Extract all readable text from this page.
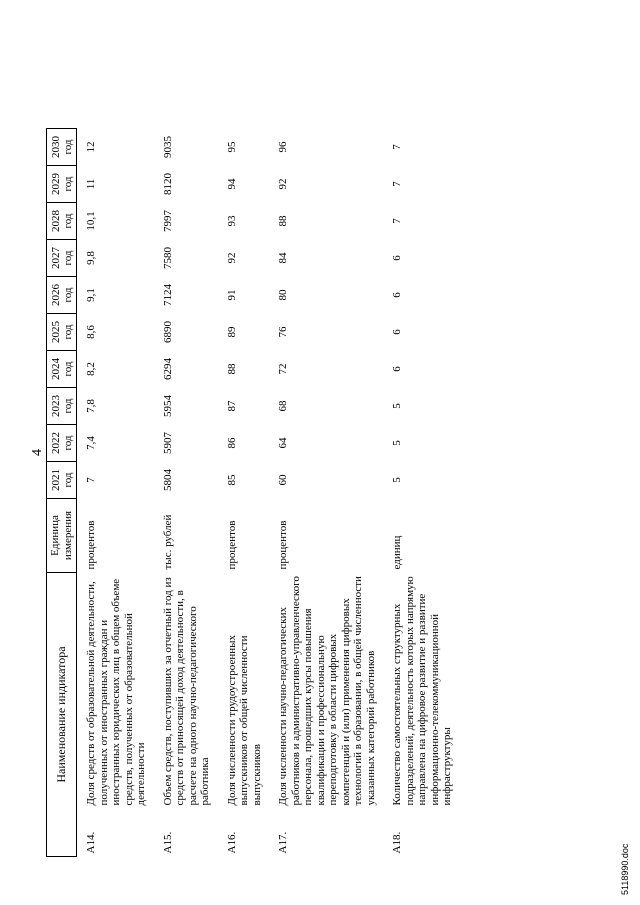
4
Наименование индикатора		Единица измерения	2021 год	2022 год	2023 год	2024 год	2025 год	2026 год	2027 год	2028 год	2029 год	2030 год

А14.	Доля средств от образовательной деятельности, полученных от иностранных граждан и иностранных юридических лиц в общем объеме средств, полученных от образовательной деятельности	процентов	7	7,4	7,8	8,2	8,6	9,1	9,8	10,1	11	12
А15.	Объем средств, поступивших за отчетный год из средств от приносящей доход деятельности, в расчете на одного научно-педагогического работника	тыс. рублей	5804	5907	5954	6294	6890	7124	7580	7997	8120	9035
А16.	Доля численности трудоустроенных выпускников от общей численности выпускников	процентов	85	86	87	88	89	91	92	93	94	95
А17.	Доля численности научно-педагогических работников и административно-управленческого персонала, прошедших курсы повышения квалификации и профессиональную переподготовку в области цифровых компетенций и (или) применения цифровых технологий в образовании, в общей численности указанных категорий работников	процентов	60	64	68	72	76	80	84	88	92	96
А18.	Количество самостоятельных структурных подразделений, деятельность которых напрямую направлена на цифровое развитие и развитие информационно-телекоммуникационной инфраструктуры	единиц	5	5	5	6	6	6	6	7	7	7
5118990.doc
